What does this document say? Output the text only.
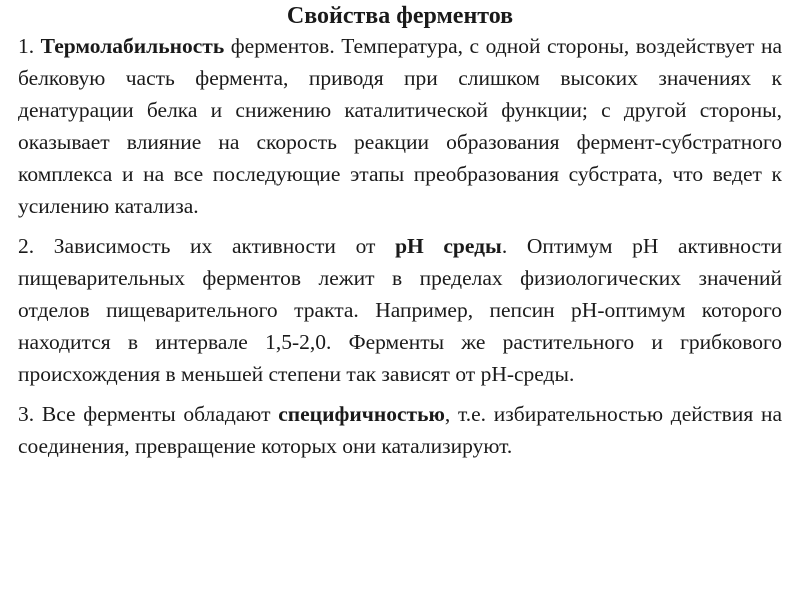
Свойства ферментов

1. Термолабильность ферментов. Температура, с одной стороны, воздействует на белковую часть фермента, приводя при слишком высоких значениях к денатурации белка и снижению каталитической функции; с другой стороны, оказывает влияние на скорость реакции образования фермент-субстратного комплекса и на все последующие этапы преобразования субстрата, что ведет к усилению катализа.

2. Зависимость их активности от рН среды. Оптимум рН активности пищеварительных ферментов лежит в пределах физиологических значений отделов пищеварительного тракта. Например, пепсин рН-оптимум которого находится в интервале 1,5-2,0. Ферменты же растительного и грибкового происхождения в меньшей степени так зависят от рН-среды.

3. Все ферменты обладают специфичностью, т.е. избирательностью действия на соединения, превращение которых они катализируют.
